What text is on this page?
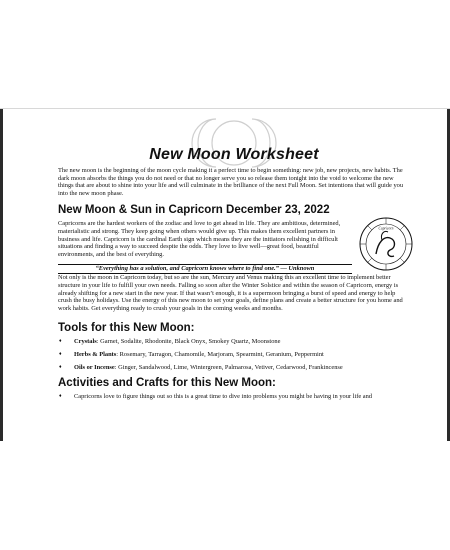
New Moon Worksheet

The new moon is the beginning of the moon cycle making it a perfect time to begin something: new job, new projects, new habits. The dark moon absorbs the things you do not need or that no longer serve you so release them tonight into the void to welcome the new things that are about to shine into your life and will culminate in the brilliance of the next Full Moon. Set intentions that will guide you into the new moon phase.

New Moon & Sun in Capricorn December 23, 2022

Capricorns are the hardest workers of the zodiac and love to get ahead in life. They are ambitious, determined, materialistic and strong. They keep going when others would give up. This makes them excellent partners in business and life. Capricorn is the cardinal Earth sign which means they are the initiators relishing in difficult situations and finding a way to succeed despite the odds. They love to live well—great food, beautiful environments, and the best of everything.

Capricorn
“Everything has a solution, and Capricorn knows where to find one.” — Unknown

Not only is the moon in Capricorn today, but so are the sun, Mercury and Venus making this an excellent time to implement better structure in your life to fulfill your own needs. Falling so soon after the Winter Solstice and within the season of Capricorn, energy is already shifting for a new start in the new year. If that wasn’t enough, it is a supermoon bringing a burst of speed and energy to help crush the busy holidays. Use the energy of this new moon to set your goals, define plans and create a better structure for you home and work habits. Get everything ready to crush your goals in the coming weeks and months.

Tools for this New Moon:
♦ Crystals: Garnet, Sodalite, Rhodonite, Black Onyx, Smokey Quartz, Moonstone
♦ Herbs & Plants: Rosemary, Tarragon, Chamomile, Marjoram, Spearmint, Geranium, Peppermint
♦ Oils or Incense: Ginger, Sandalwood, Lime, Wintergreen, Palmarosa, Vetiver, Cedarwood, Frankincense
Activities and Crafts for this New Moon:
♦ Capricorns love to figure things out so this is a great time to dive into problems you might be having in your life and
